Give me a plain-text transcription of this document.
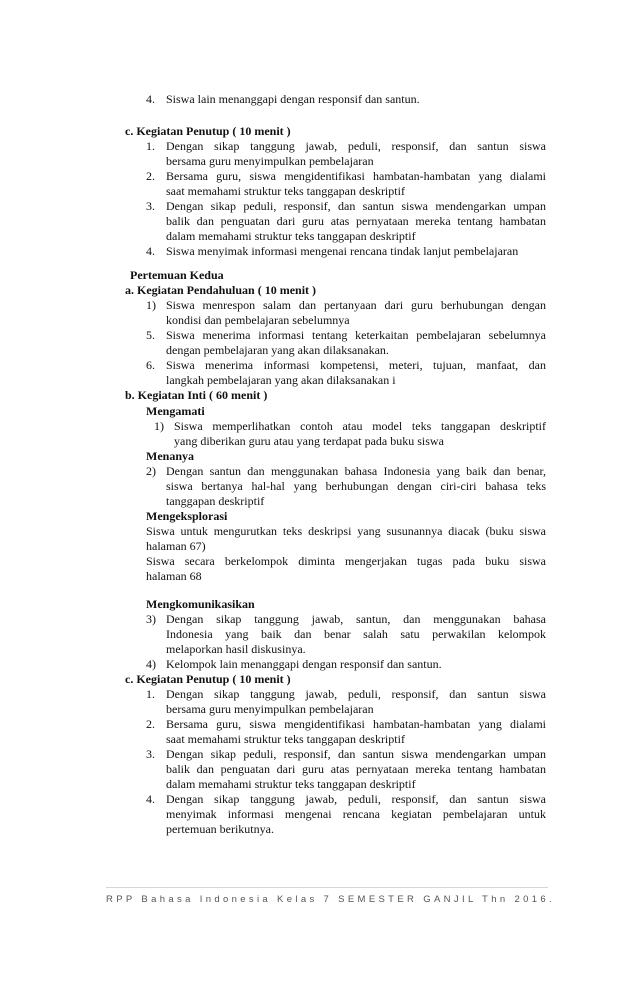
4. Siswa lain menanggapi dengan responsif dan santun.
c. Kegiatan Penutup ( 10 menit )
1. Dengan sikap tanggung jawab, peduli, responsif, dan santun siswa
bersama guru menyimpulkan pembelajaran
2. Bersama guru, siswa mengidentifikasi hambatan-hambatan yang dialami
saat memahami struktur teks tanggapan deskriptif
3. Dengan sikap peduli, responsif, dan santun siswa mendengarkan umpan
balik dan penguatan dari guru atas pernyataan mereka tentang hambatan
dalam memahami struktur teks tanggapan deskriptif
4. Siswa menyimak informasi mengenai rencana tindak lanjut pembelajaran
Pertemuan Kedua
a. Kegiatan Pendahuluan ( 10 menit )
1) Siswa menrespon salam dan pertanyaan dari guru berhubungan dengan
kondisi dan pembelajaran sebelumnya
5. Siswa menerima informasi tentang keterkaitan pembelajaran sebelumnya
dengan pembelajaran yang akan dilaksanakan.
6. Siswa menerima informasi kompetensi, meteri, tujuan, manfaat, dan
langkah pembelajaran yang akan dilaksanakan i
b. Kegiatan Inti ( 60 menit )
Mengamati
1) Siswa memperlihatkan contoh atau model teks tanggapan deskriptif
yang diberikan guru atau yang terdapat pada buku siswa
Menanya
2) Dengan santun dan menggunakan bahasa Indonesia yang baik dan benar,
siswa bertanya hal-hal yang berhubungan dengan ciri-ciri bahasa teks
tanggapan deskriptif
Mengeksplorasi
Siswa untuk mengurutkan teks deskripsi yang susunannya diacak (buku siswa
halaman 67)
Siswa secara berkelompok diminta mengerjakan tugas pada buku siswa
halaman 68
Mengkomunikasikan
3) Dengan sikap tanggung jawab, santun, dan menggunakan bahasa
Indonesia yang baik dan benar salah satu perwakilan kelompok
melaporkan hasil diskusinya.
4) Kelompok lain menanggapi dengan responsif dan santun.
c. Kegiatan Penutup ( 10 menit )
1. Dengan sikap tanggung jawab, peduli, responsif, dan santun siswa
bersama guru menyimpulkan pembelajaran
2. Bersama guru, siswa mengidentifikasi hambatan-hambatan yang dialami
saat memahami struktur teks tanggapan deskriptif
3. Dengan sikap peduli, responsif, dan santun siswa mendengarkan umpan
balik dan penguatan dari guru atas pernyataan mereka tentang hambatan
dalam memahami struktur teks tanggapan deskriptif
4. Dengan sikap tanggung jawab, peduli, responsif, dan santun siswa
menyimak informasi mengenai rencana kegiatan pembelajaran untuk
pertemuan berikutnya.
RPP Bahasa Indonesia Kelas 7 SEMESTER GANJIL Thn 2016.
